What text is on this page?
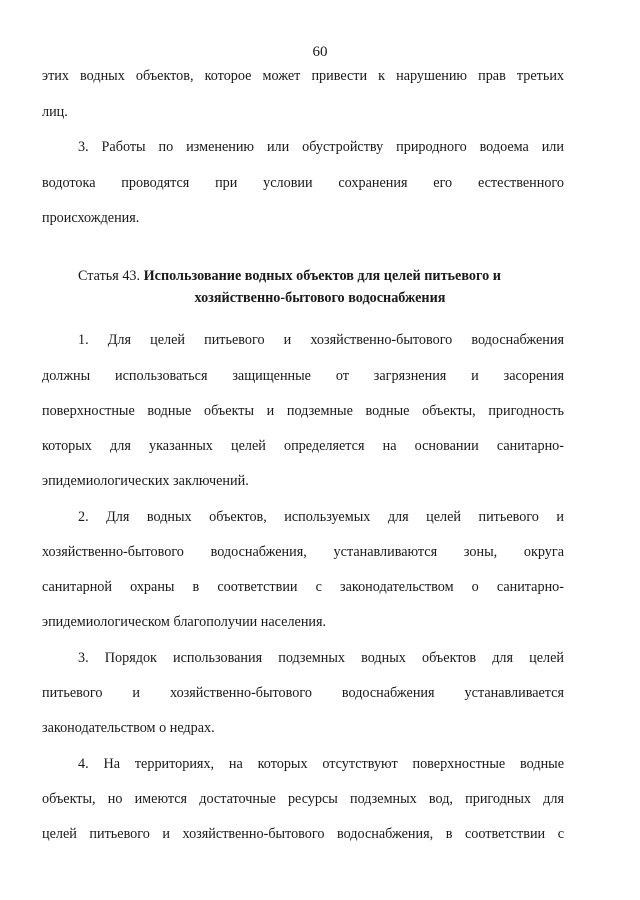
60
этих водных объектов, которое может привести к нарушению прав третьих
лиц.
3. Работы по изменению или обустройству природного водоема или
водотока проводятся при условии сохранения его естественного
происхождения.
Статья 43. Использование водных объектов для целей питьевого и
хозяйственно-бытового водоснабжения
1. Для целей питьевого и хозяйственно-бытового водоснабжения
должны использоваться защищенные от загрязнения и засорения
поверхностные водные объекты и подземные водные объекты, пригодность
которых для указанных целей определяется на основании санитарно-
эпидемиологических заключений.
2. Для водных объектов, используемых для целей питьевого и
хозяйственно-бытового водоснабжения, устанавливаются зоны, округа
санитарной охраны в соответствии с законодательством о санитарно-
эпидемиологическом благополучии населения.
3. Порядок использования подземных водных объектов для целей
питьевого и хозяйственно-бытового водоснабжения устанавливается
законодательством о недрах.
4. На территориях, на которых отсутствуют поверхностные водные
объекты, но имеются достаточные ресурсы подземных вод, пригодных для
целей питьевого и хозяйственно-бытового водоснабжения, в соответствии с
